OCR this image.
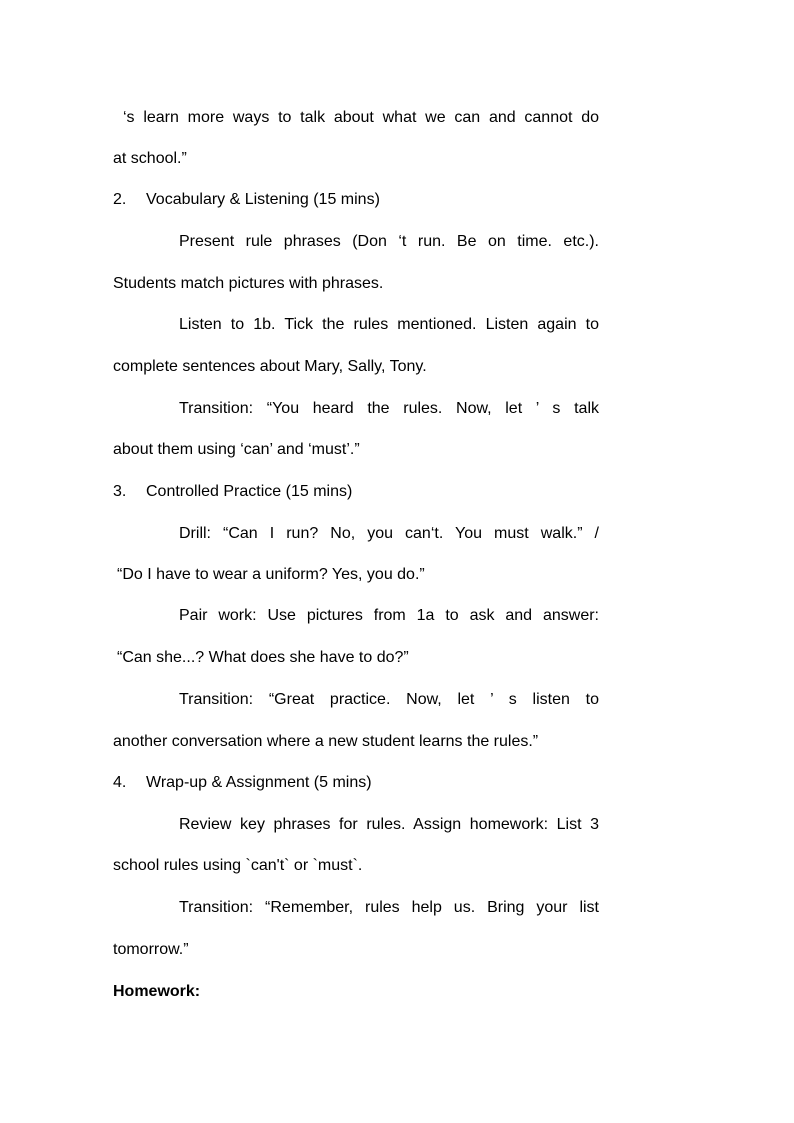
‘s learn more ways to talk about what we can and cannot do
at school.”
2. Vocabulary & Listening (15 mins)
Present rule phrases (Don ‘t run. Be on time. etc.).
Students match pictures with phrases.
Listen to 1b. Tick the rules mentioned. Listen again to
complete sentences about Mary, Sally, Tony.
Transition: “You heard the rules. Now, let ’ s talk
about them using ‘can’ and ‘must’.”
3. Controlled Practice (15 mins)
Drill: “Can I run? No, you can‘t. You must walk.” /
“Do I have to wear a uniform? Yes, you do.”
Pair work: Use pictures from 1a to ask and answer:
“Can she...? What does she have to do?”
Transition: “Great practice. Now, let ’ s listen to
another conversation where a new student learns the rules.”
4. Wrap-up & Assignment (5 mins)
Review key phrases for rules. Assign homework: List 3
school rules using `can't` or `must`.
Transition: “Remember, rules help us. Bring your list
tomorrow.”
Homework:
